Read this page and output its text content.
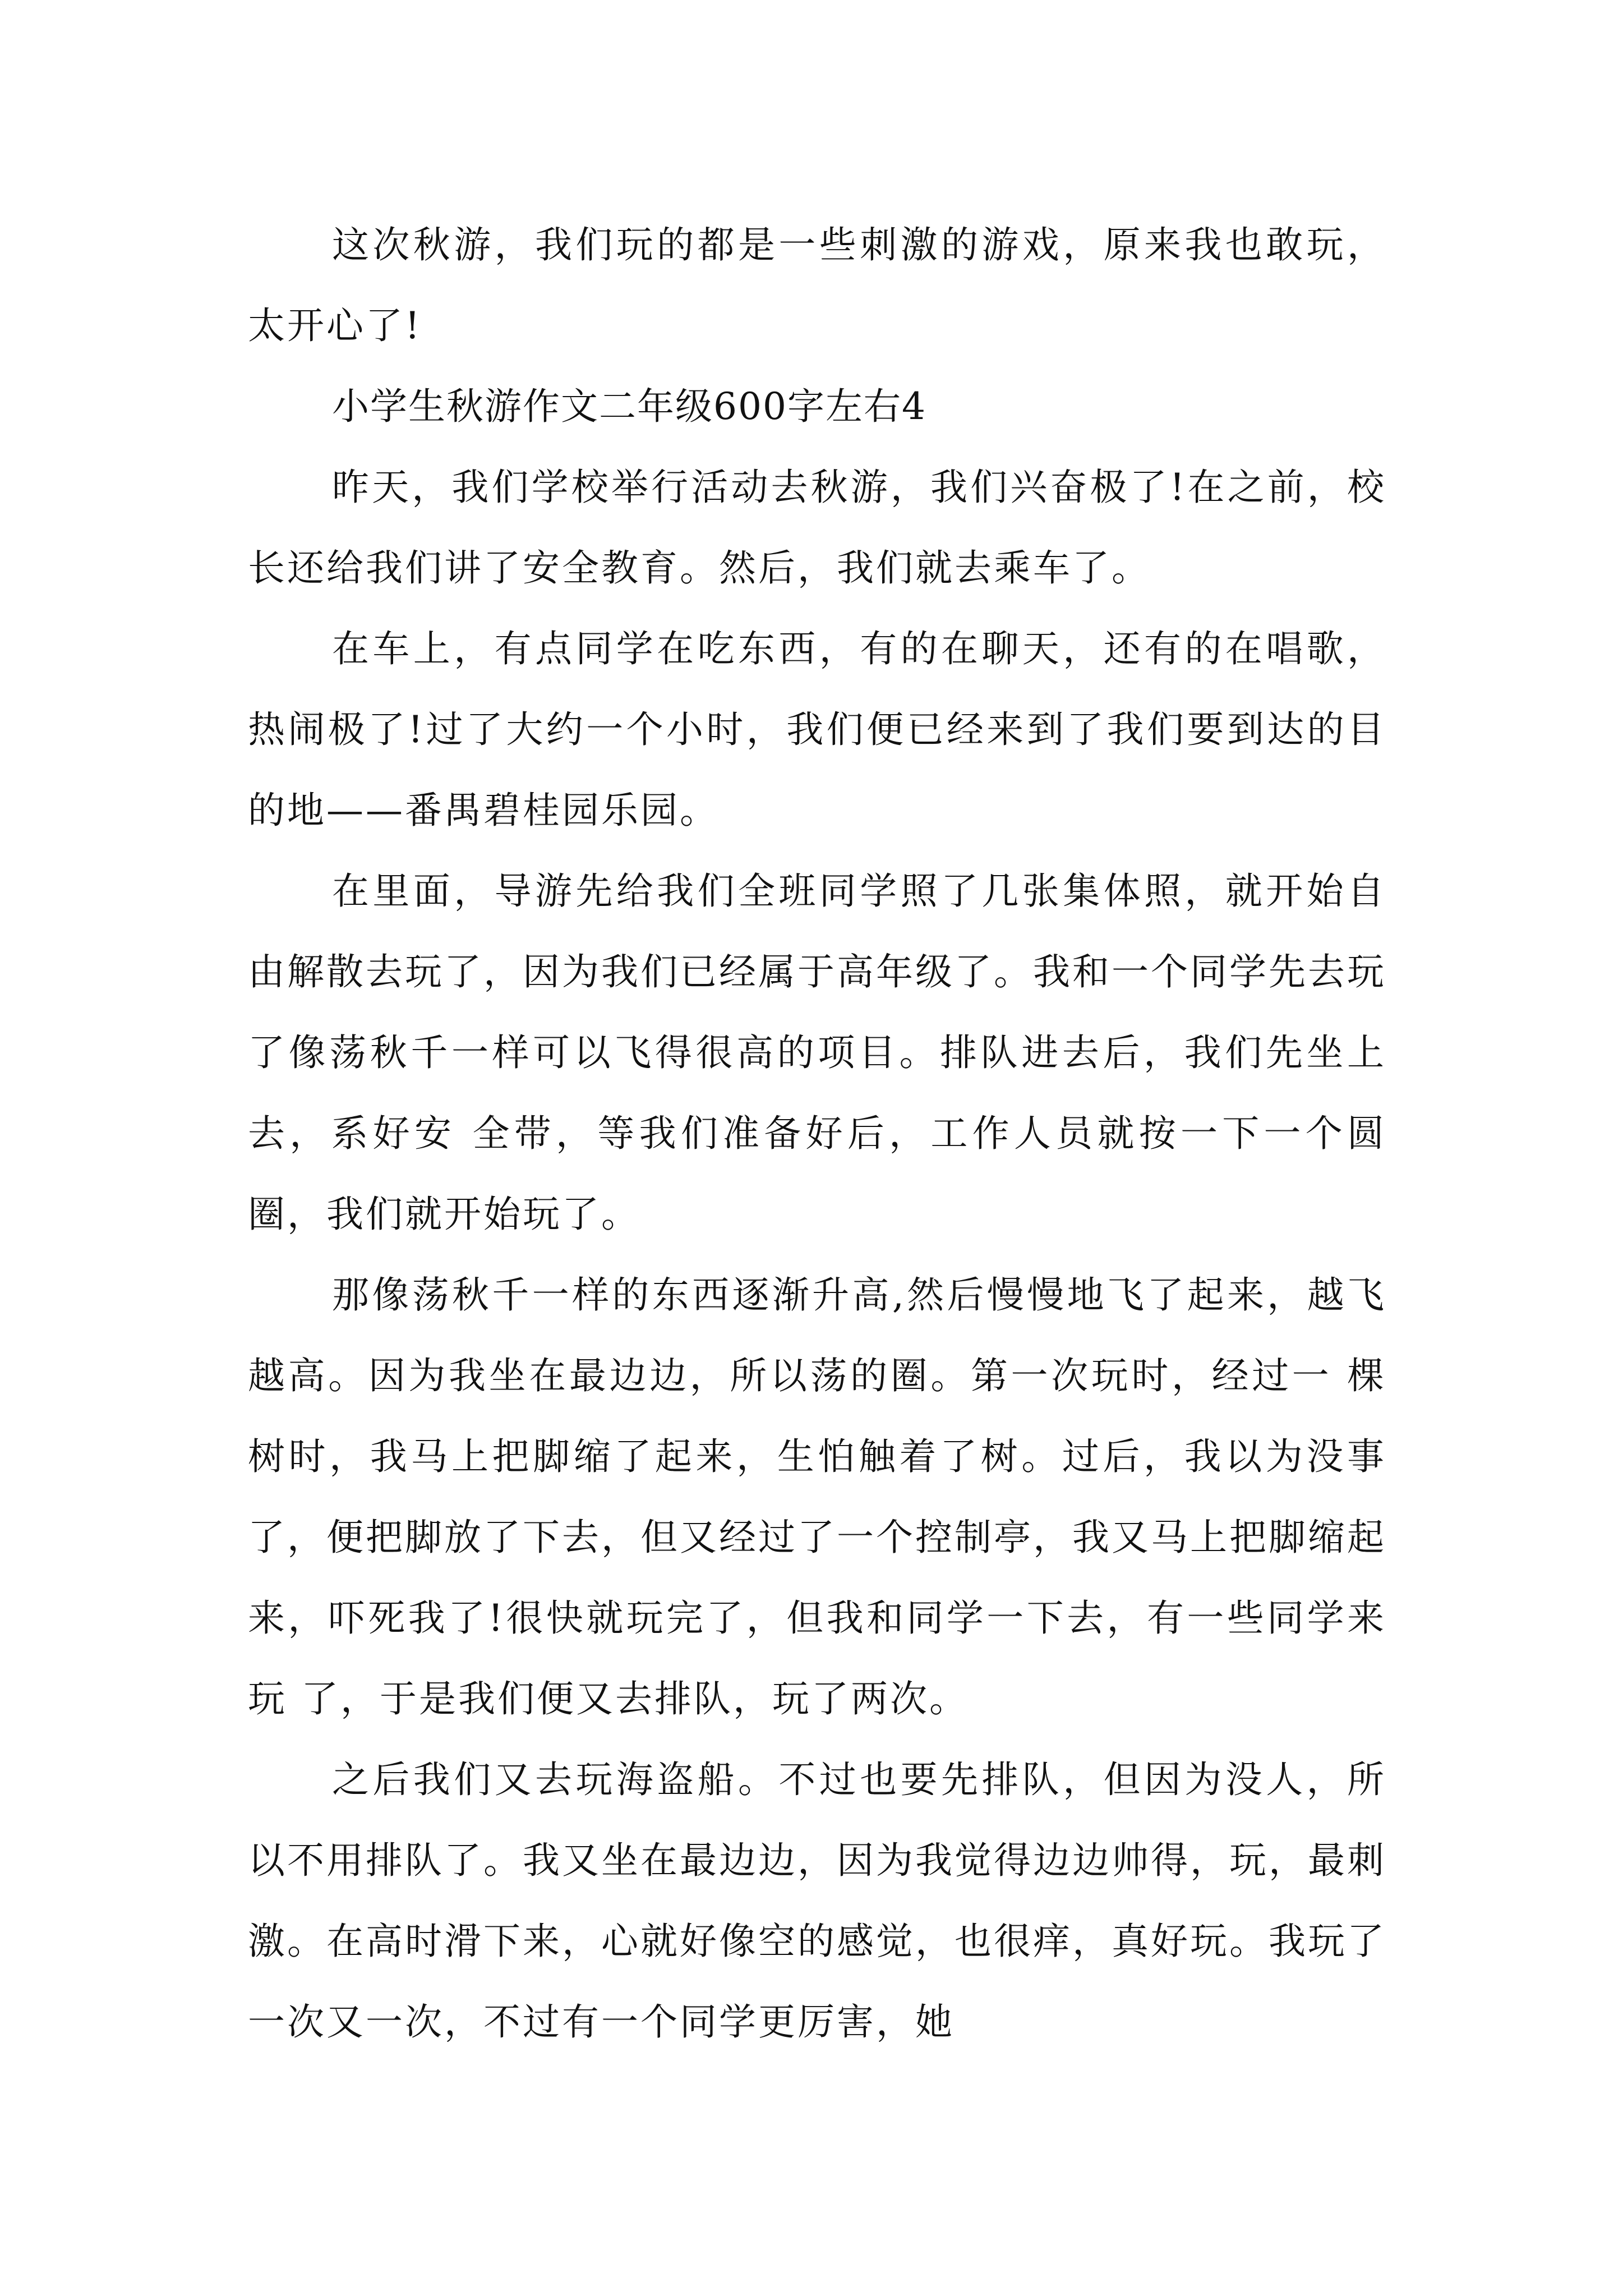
这次秋游，我们玩的都是一些刺激的游戏，原来我也敢玩，太开心了!

小学生秋游作文二年级600字左右4

昨天，我们学校举行活动去秋游，我们兴奋极了!在之前，校长还给我们讲了安全教育。然后，我们就去乘车了。

在车上，有点同学在吃东西，有的在聊天，还有的在唱歌，热闹极了!过了大约一个小时，我们便已经来到了我们要到达的目的地——番禺碧桂园乐园。

在里面，导游先给我们全班同学照了几张集体照，就开始自由解散去玩了，因为我们已经属于高年级了。我和一个同学先去玩了像荡秋千一样可以飞得很高的项目。排队进去后，我们先坐上去，系好安 全带，等我们准备好后，工作人员就按一下一个圆圈，我们就开始玩了。

那像荡秋千一样的东西逐渐升高,然后慢慢地飞了起来，越飞越高。因为我坐在最边边，所以荡的圈。第一次玩时，经过一 棵树时，我马上把脚缩了起来，生怕触着了树。过后，我以为没事了，便把脚放了下去，但又经过了一个控制亭，我又马上把脚缩起来，吓死我了!很快就玩完了，但我和同学一下去，有一些同学来玩 了，于是我们便又去排队，玩了两次。

之后我们又去玩海盗船。不过也要先排队，但因为没人，所以不用排队了。我又坐在最边边，因为我觉得边边帅得，玩，最刺激。在高时滑下来，心就好像空的感觉，也很痒，真好玩。我玩了 一次又一次，不过有一个同学更厉害，她
